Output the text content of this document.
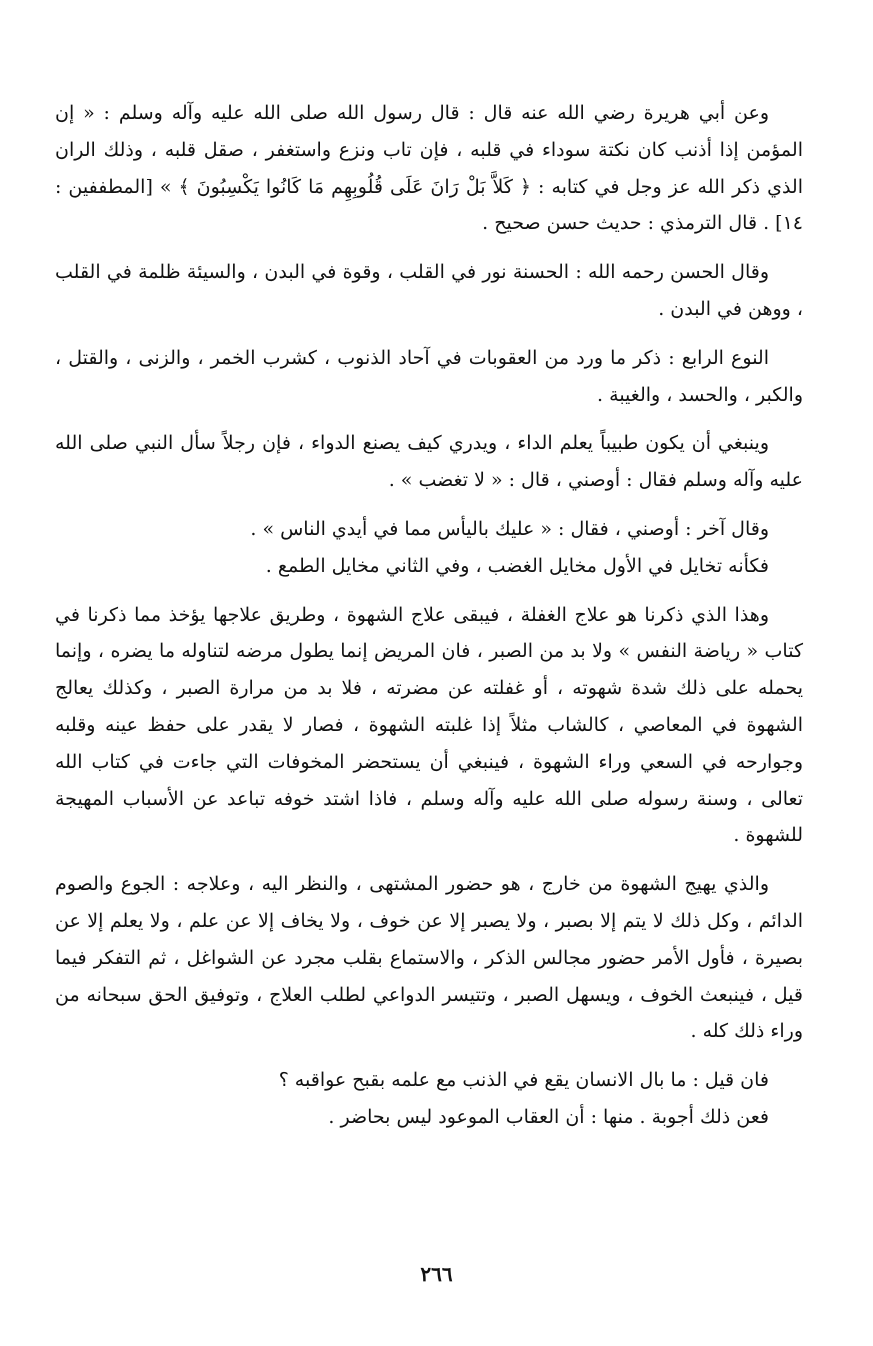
وعن أبي هريرة رضي الله عنه قال : قال رسول الله صلى الله عليه وآله وسلم : « إن المؤمن إذا أذنب كان نكتة سوداء في قلبه ، فإن تاب ونزع واستغفر ، صقل قلبه ، وذلك الران الذي ذكر الله عز وجل في كتابه : ﴿ كَلاَّ بَلْ رَانَ عَلَى قُلُوبِهِم مَا كَانُوا يَكْسِبُونَ ﴾ » [المطففين : ١٤] . قال الترمذي : حديث حسن صحيح .

وقال الحسن رحمه الله : الحسنة نور في القلب ، وقوة في البدن ، والسيئة ظلمة في القلب ، ووهن في البدن .

النوع الرابع : ذكر ما ورد من العقوبات في آحاد الذنوب ، كشرب الخمر ، والزنى ، والقتل ، والكبر ، والحسد ، والغيبة .

وينبغي أن يكون طبيباً يعلم الداء ، ويدري كيف يصنع الدواء ، فإن رجلاً سأل النبي صلى الله عليه وآله وسلم فقال : أوصني ، قال : « لا تغضب » .

وقال آخر : أوصني ، فقال : « عليك باليأس مما في أيدي الناس » .
فكأنه تخايل في الأول مخايل الغضب ، وفي الثاني مخايل الطمع .

وهذا الذي ذكرنا هو علاج الغفلة ، فيبقى علاج الشهوة ، وطريق علاجها يؤخذ مما ذكرنا في كتاب « رياضة النفس » ولا بد من الصبر ، فان المريض إنما يطول مرضه لتناوله ما يضره ، وإنما يحمله على ذلك شدة شهوته ، أو غفلته عن مضرته ، فلا بد من مرارة الصبر ، وكذلك يعالج الشهوة في المعاصي ، كالشاب مثلاً إذا غلبته الشهوة ، فصار لا يقدر على حفظ عينه وقلبه وجوارحه في السعي وراء الشهوة ، فينبغي أن يستحضر المخوفات التي جاءت في كتاب الله تعالى ، وسنة رسوله صلى الله عليه وآله وسلم ، فاذا اشتد خوفه تباعد عن الأسباب المهيجة للشهوة .

والذي يهيج الشهوة من خارج ، هو حضور المشتهى ، والنظر اليه ، وعلاجه : الجوع والصوم الدائم ، وكل ذلك لا يتم إلا بصبر ، ولا يصبر إلا عن خوف ، ولا يخاف إلا عن علم ، ولا يعلم إلا عن بصيرة ، فأول الأمر حضور مجالس الذكر ، والاستماع بقلب مجرد عن الشواغل ، ثم التفكر فيما قيل ، فينبعث الخوف ، ويسهل الصبر ، وتتيسر الدواعي لطلب العلاج ، وتوفيق الحق سبحانه من وراء ذلك كله .

فان قيل : ما بال الانسان يقع في الذنب مع علمه بقبح عواقبه ؟
فعن ذلك أجوبة . منها : أن العقاب الموعود ليس بحاضر .
٢٦٦
